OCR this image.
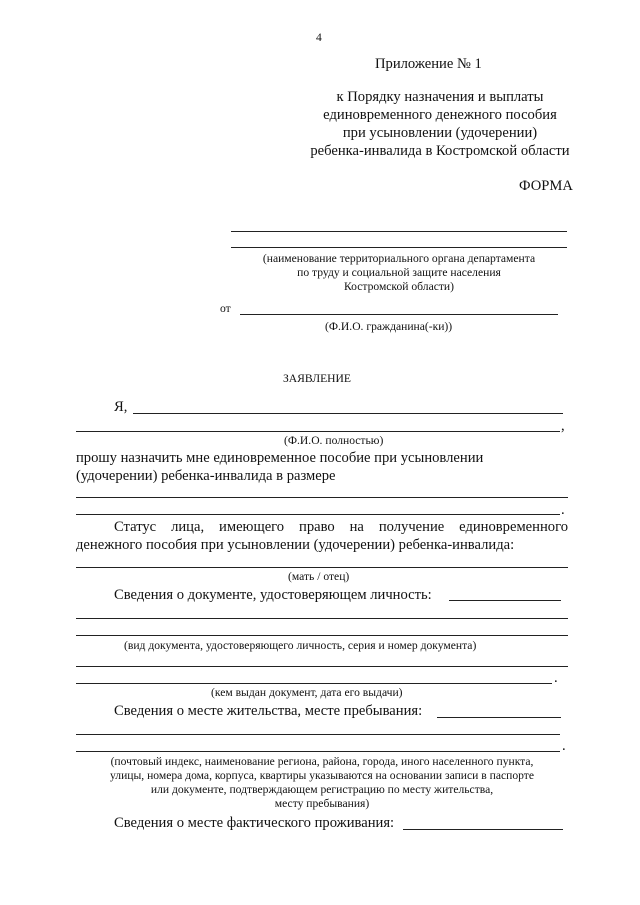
4
Приложение № 1
к Порядку назначения и выплаты
единовременного денежного пособия
при усыновлении (удочерении)
ребенка-инвалида в Костромской области
ФОРМА
(наименование территориального органа департамента
по труду и социальной защите населения
Костромской области)
от
(Ф.И.О. гражданина(-ки))
ЗАЯВЛЕНИЕ
Я,
,
(Ф.И.О. полностью)
прошу назначить мне единовременное пособие при усыновлении
(удочерении) ребенка-инвалида в размере
.
Статус лица, имеющего право на получение единовременного
денежного пособия при усыновлении (удочерении) ребенка-инвалида:
(мать / отец)
Сведения о документе, удостоверяющем личность:
(вид документа, удостоверяющего личность, серия и номер документа)
.
(кем выдан документ, дата его выдачи)
Сведения о месте жительства, месте пребывания:
.
(почтовый индекс, наименование региона, района, города, иного населенного пункта,
улицы, номера дома, корпуса, квартиры указываются на основании записи в паспорте
или документе, подтверждающем регистрацию по месту жительства,
месту пребывания)
Сведения о месте фактического проживания:
